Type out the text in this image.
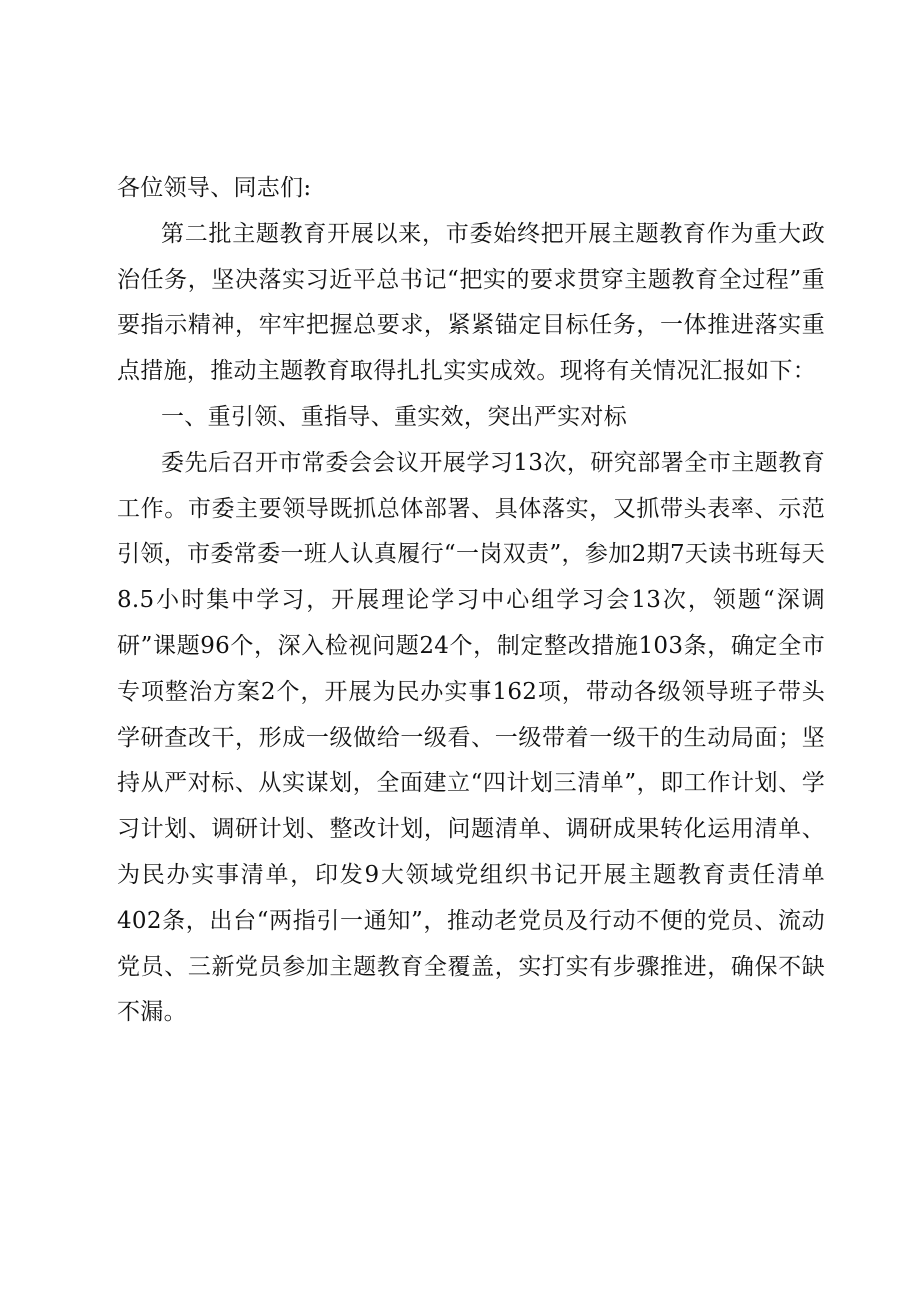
各位领导、同志们:

第二批主题教育开展以来，市委始终把开展主题教育作为重大政治任务，坚决落实习近平总书记“把实的要求贯穿主题教育全过程”重要指示精神，牢牢把握总要求，紧紧锚定目标任务，一体推进落实重点措施，推动主题教育取得扎扎实实成效。现将有关情况汇报如下：

一、重引领、重指导、重实效，突出严实对标

委先后召开市常委会会议开展学习13次，研究部署全市主题教育工作。市委主要领导既抓总体部署、具体落实，又抓带头表率、示范引领，市委常委一班人认真履行“一岗双责”，参加2期7天读书班每天8.5小时集中学习，开展理论学习中心组学习会13次，领题“深调研”课题96个，深入检视问题24个，制定整改措施103条，确定全市专项整治方案2个，开展为民办实事162项，带动各级领导班子带头学研查改干，形成一级做给一级看、一级带着一级干的生动局面；坚持从严对标、从实谋划，全面建立“四计划三清单”，即工作计划、学习计划、调研计划、整改计划，问题清单、调研成果转化运用清单、为民办实事清单，印发9大领域党组织书记开展主题教育责任清单402条，出台“两指引一通知”，推动老党员及行动不便的党员、流动党员、三新党员参加主题教育全覆盖，实打实有步骤推进，确保不缺不漏。
